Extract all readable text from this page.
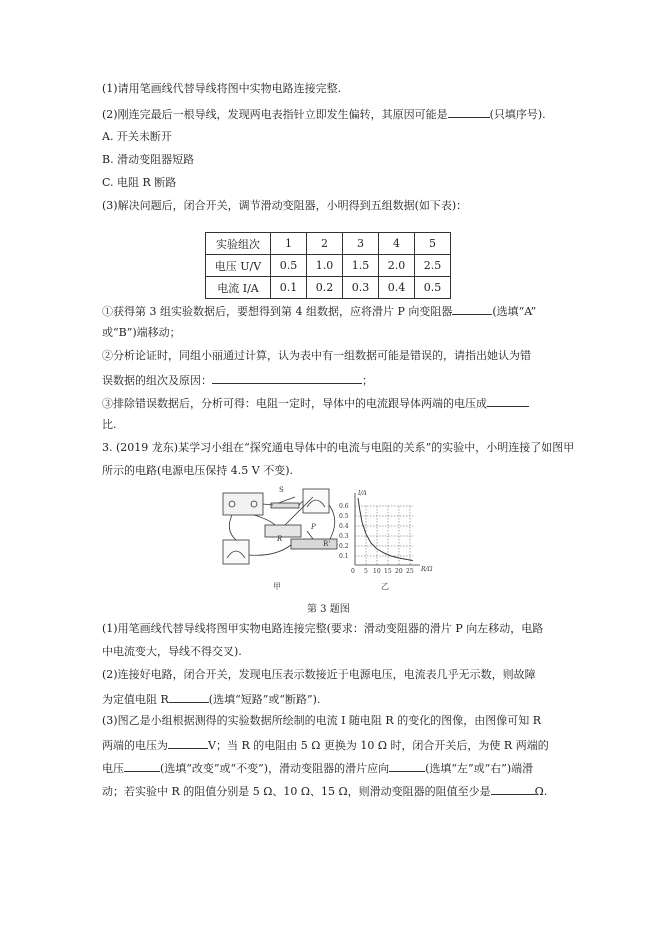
(1)请用笔画线代替导线将图中实物电路连接完整.
(2)刚连完最后一根导线，发现两电表指针立即发生偏转，其原因可能是	(只填序号).
A. 开关未断开
B. 滑动变阻器短路
C. 电阻 R 断路
(3)解决问题后，闭合开关，调节滑动变阻器，小明得到五组数据(如下表)：
实验组次	1	2	3	4	5
电压 U/V	0.5	1.0	1.5	2.0	2.5
电流 I/A	0.1	0.2	0.3	0.4	0.5
①获得第 3 组实验数据后，要想得到第 4 组数据，应将滑片 P 向变阻器	(选填“A”
或“B”)端移动；
②分析论证时，同组小丽通过计算，认为表中有一组数据可能是错误的，请指出她认为错
误数据的组次及原因：	；
③排除错误数据后，分析可得：电阻一定时，导体中的电流跟导体两端的电压成
比.
3. (2019 龙东)某学习小组在“探究通电导体中的电流与电阻的关系”的实验中，小明连接了如图甲
所示的电路(电源电压保持 4.5 V 不变).
S
R
P
R'
甲
0.6
0.5
0.4
0.3
0.2
0.1
0 5 10 15 20 25
I/A
R/Ω
乙
第 3 题图
(1)用笔画线代替导线将图甲实物电路连接完整(要求：滑动变阻器的滑片 P 向左移动，电路
中电流变大，导线不得交叉).
(2)连接好电路，闭合开关，发现电压表示数接近于电源电压，电流表几乎无示数，则故障
为定值电阻 R	(选填“短路”或“断路”).
(3)图乙是小组根据测得的实验数据所绘制的电流 I 随电阻 R 的变化的图像，由图像可知 R
两端的电压为	V；当 R 的电阻由 5 Ω 更换为 10 Ω 时，闭合开关后，为使 R 两端的
电压	(选填“改变”或“不变”)，滑动变阻器的滑片应向	(选填“左”或“右”)端滑
动；若实验中 R 的阻值分别是 5 Ω、10 Ω、15 Ω，则滑动变阻器的阻值至少是	Ω.
